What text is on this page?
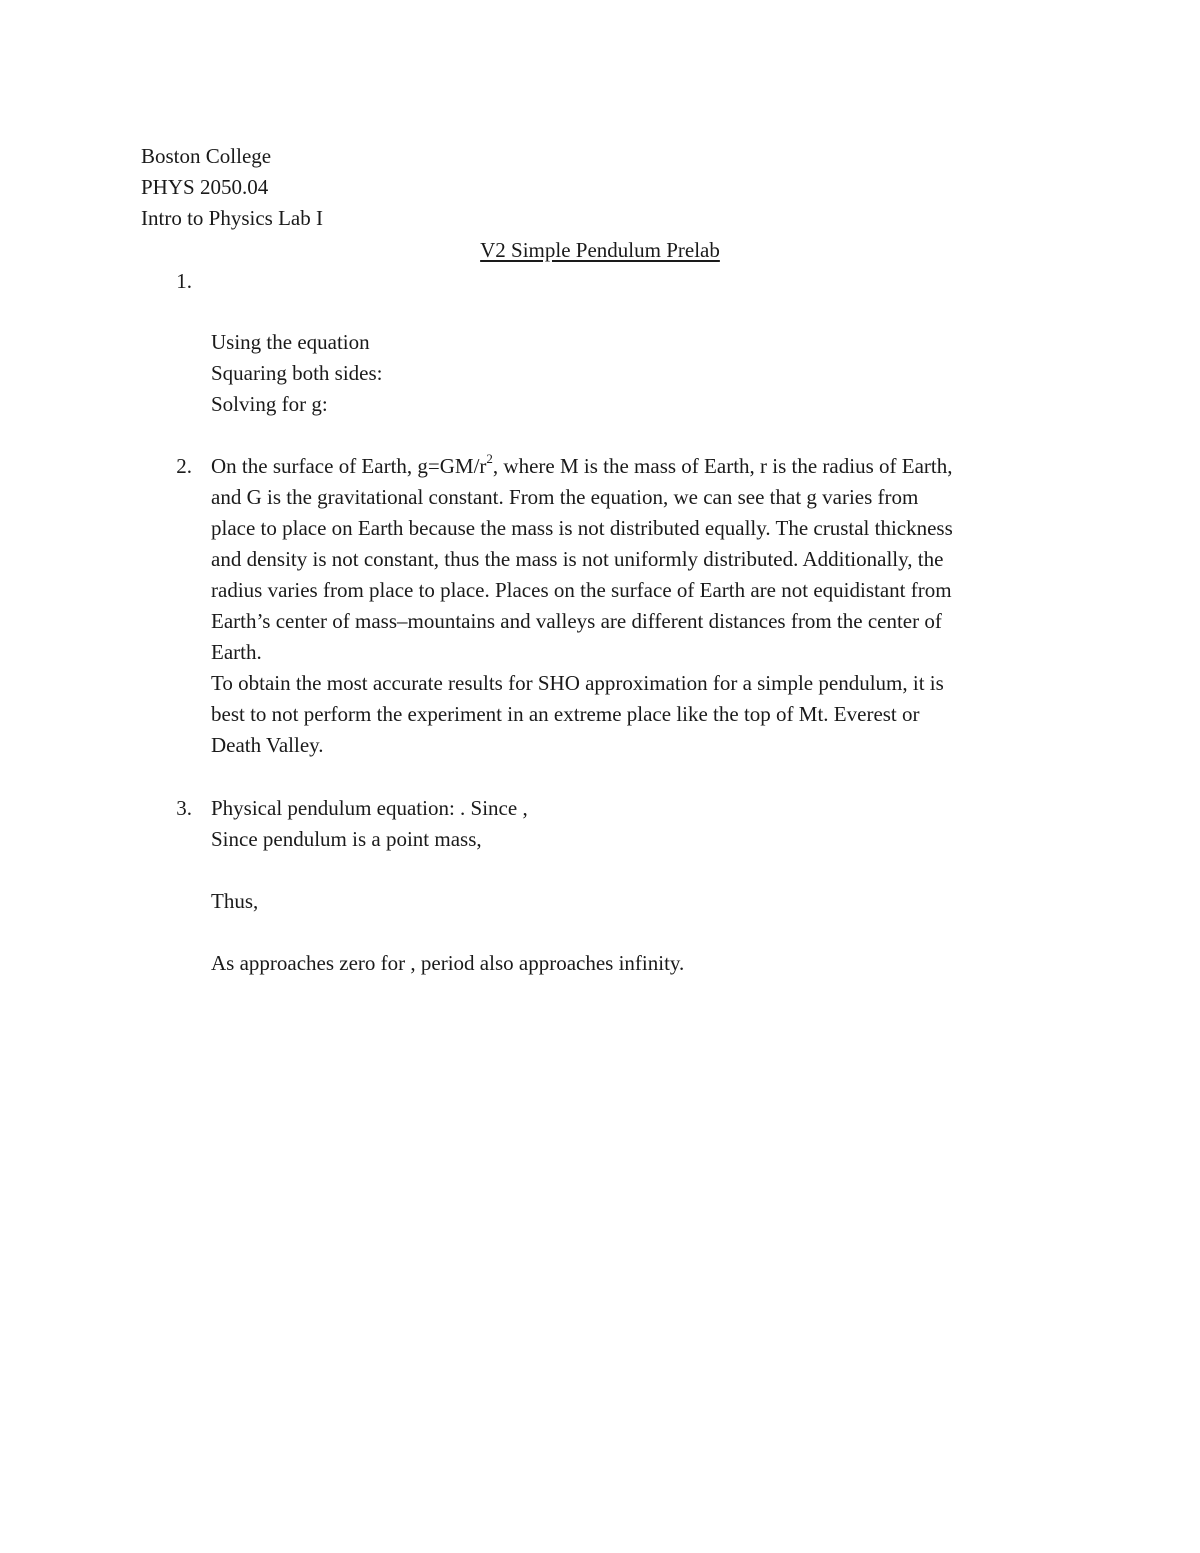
Boston College
PHYS 2050.04
Intro to Physics Lab I
V2 Simple Pendulum Prelab
1.
Using the equation
Squaring both sides:
Solving for g:
2. On the surface of Earth, $g=GM/r^2$, where M is the mass of Earth, r is the radius of Earth,
and G is the gravitational constant. From the equation, we can see that g varies from
place to place on Earth because the mass is not distributed equally. The crustal thickness
and density is not constant, thus the mass is not uniformly distributed. Additionally, the
radius varies from place to place. Places on the surface of Earth are not equidistant from
Earth’s center of mass–mountains and valleys are different distances from the center of
Earth.
To obtain the most accurate results for SHO approximation for a simple pendulum, it is
best to not perform the experiment in an extreme place like the top of Mt. Everest or
Death Valley.
3. Physical pendulum equation: . Since ,
Since pendulum is a point mass,
Thus,
As approaches zero for , period also approaches infinity.
